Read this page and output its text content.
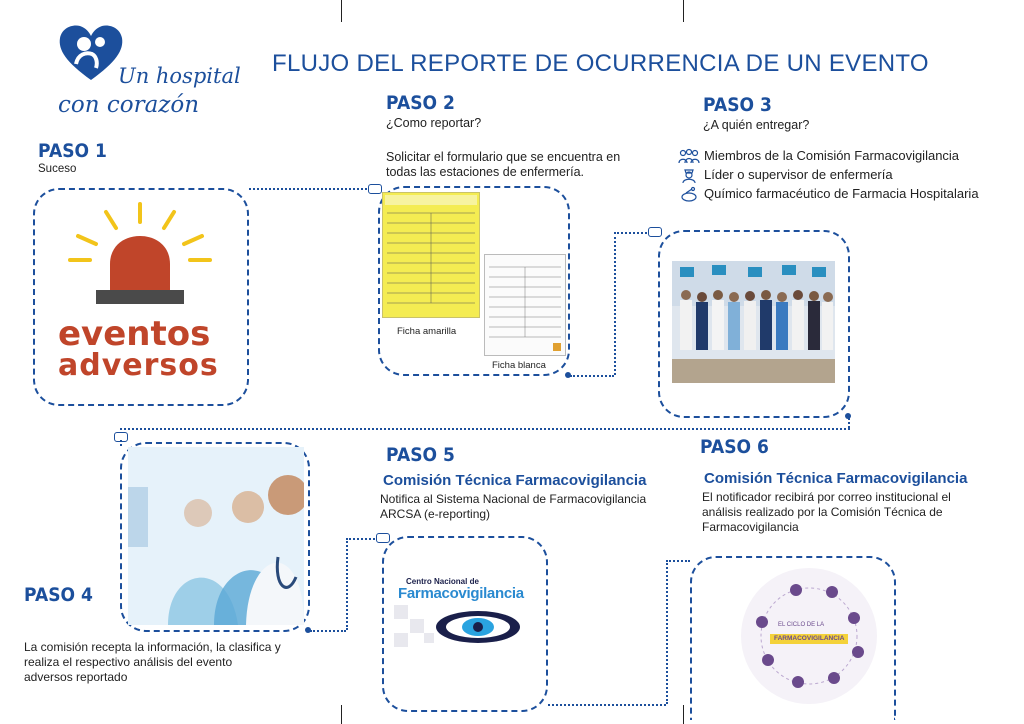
Un hospital
con corazón
FLUJO DEL REPORTE DE OCURRENCIA DE UN EVENTO
PASO 1
Suceso
eventos
adversos
PASO 2
¿Como reportar?
Solicitar el formulario que se encuentra en todas las estaciones de enfermería.
Ficha amarilla
Ficha blanca
PASO 3
¿A quién entregar?
Miembros de la Comisión Farmacovigilancia
Líder o supervisor de enfermería
Químico farmacéutico de Farmacia Hospitalaria
PASO 4
La comisión recepta la información, la clasifica y realiza el respectivo análisis del evento adversos reportado
PASO 5
Comisión Técnica Farmacovigilancia
Notifica al Sistema Nacional de Farmacovigilancia ARCSA (e-reporting)
Centro Nacional de
Farmacovigilancia
PASO 6
Comisión Técnica Farmacovigilancia
El notificador recibirá por correo institucional el análisis realizado por la Comisión Técnica de Farmacovigilancia
EL CICLO DE LA
FARMACOVIGILANCIA
